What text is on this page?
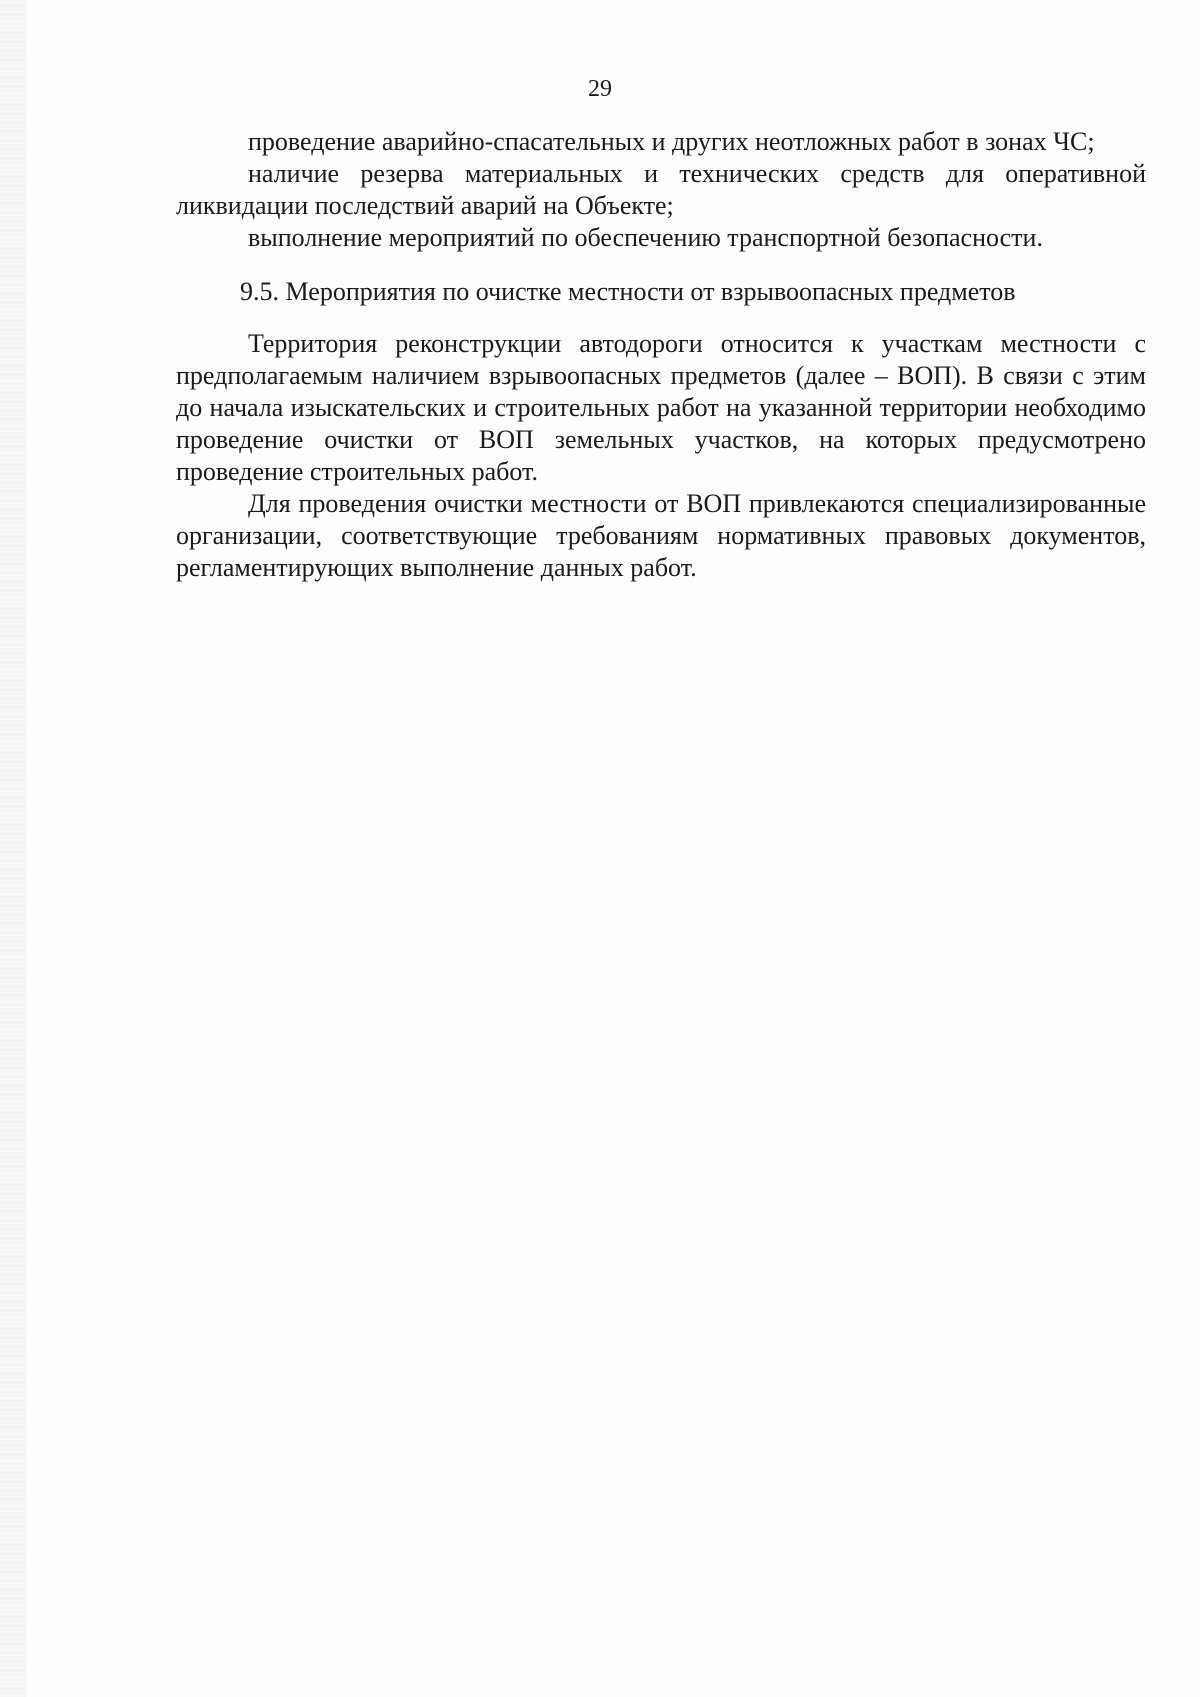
29

проведение аварийно-спасательных и других неотложных работ в зонах ЧС;

наличие резерва материальных и технических средств для оперативной ликвидации последствий аварий на Объекте;

выполнение мероприятий по обеспечению транспортной безопасности.

9.5. Мероприятия по очистке местности от взрывоопасных предметов

Территория реконструкции автодороги относится к участкам местности с предполагаемым наличием взрывоопасных предметов (далее – ВОП). В связи с этим до начала изыскательских и строительных работ на указанной территории необходимо проведение очистки от ВОП земельных участков, на которых предусмотрено проведение строительных работ.

Для проведения очистки местности от ВОП привлекаются специализированные организации, соответствующие требованиям нормативных правовых документов, регламентирующих выполнение данных работ.
